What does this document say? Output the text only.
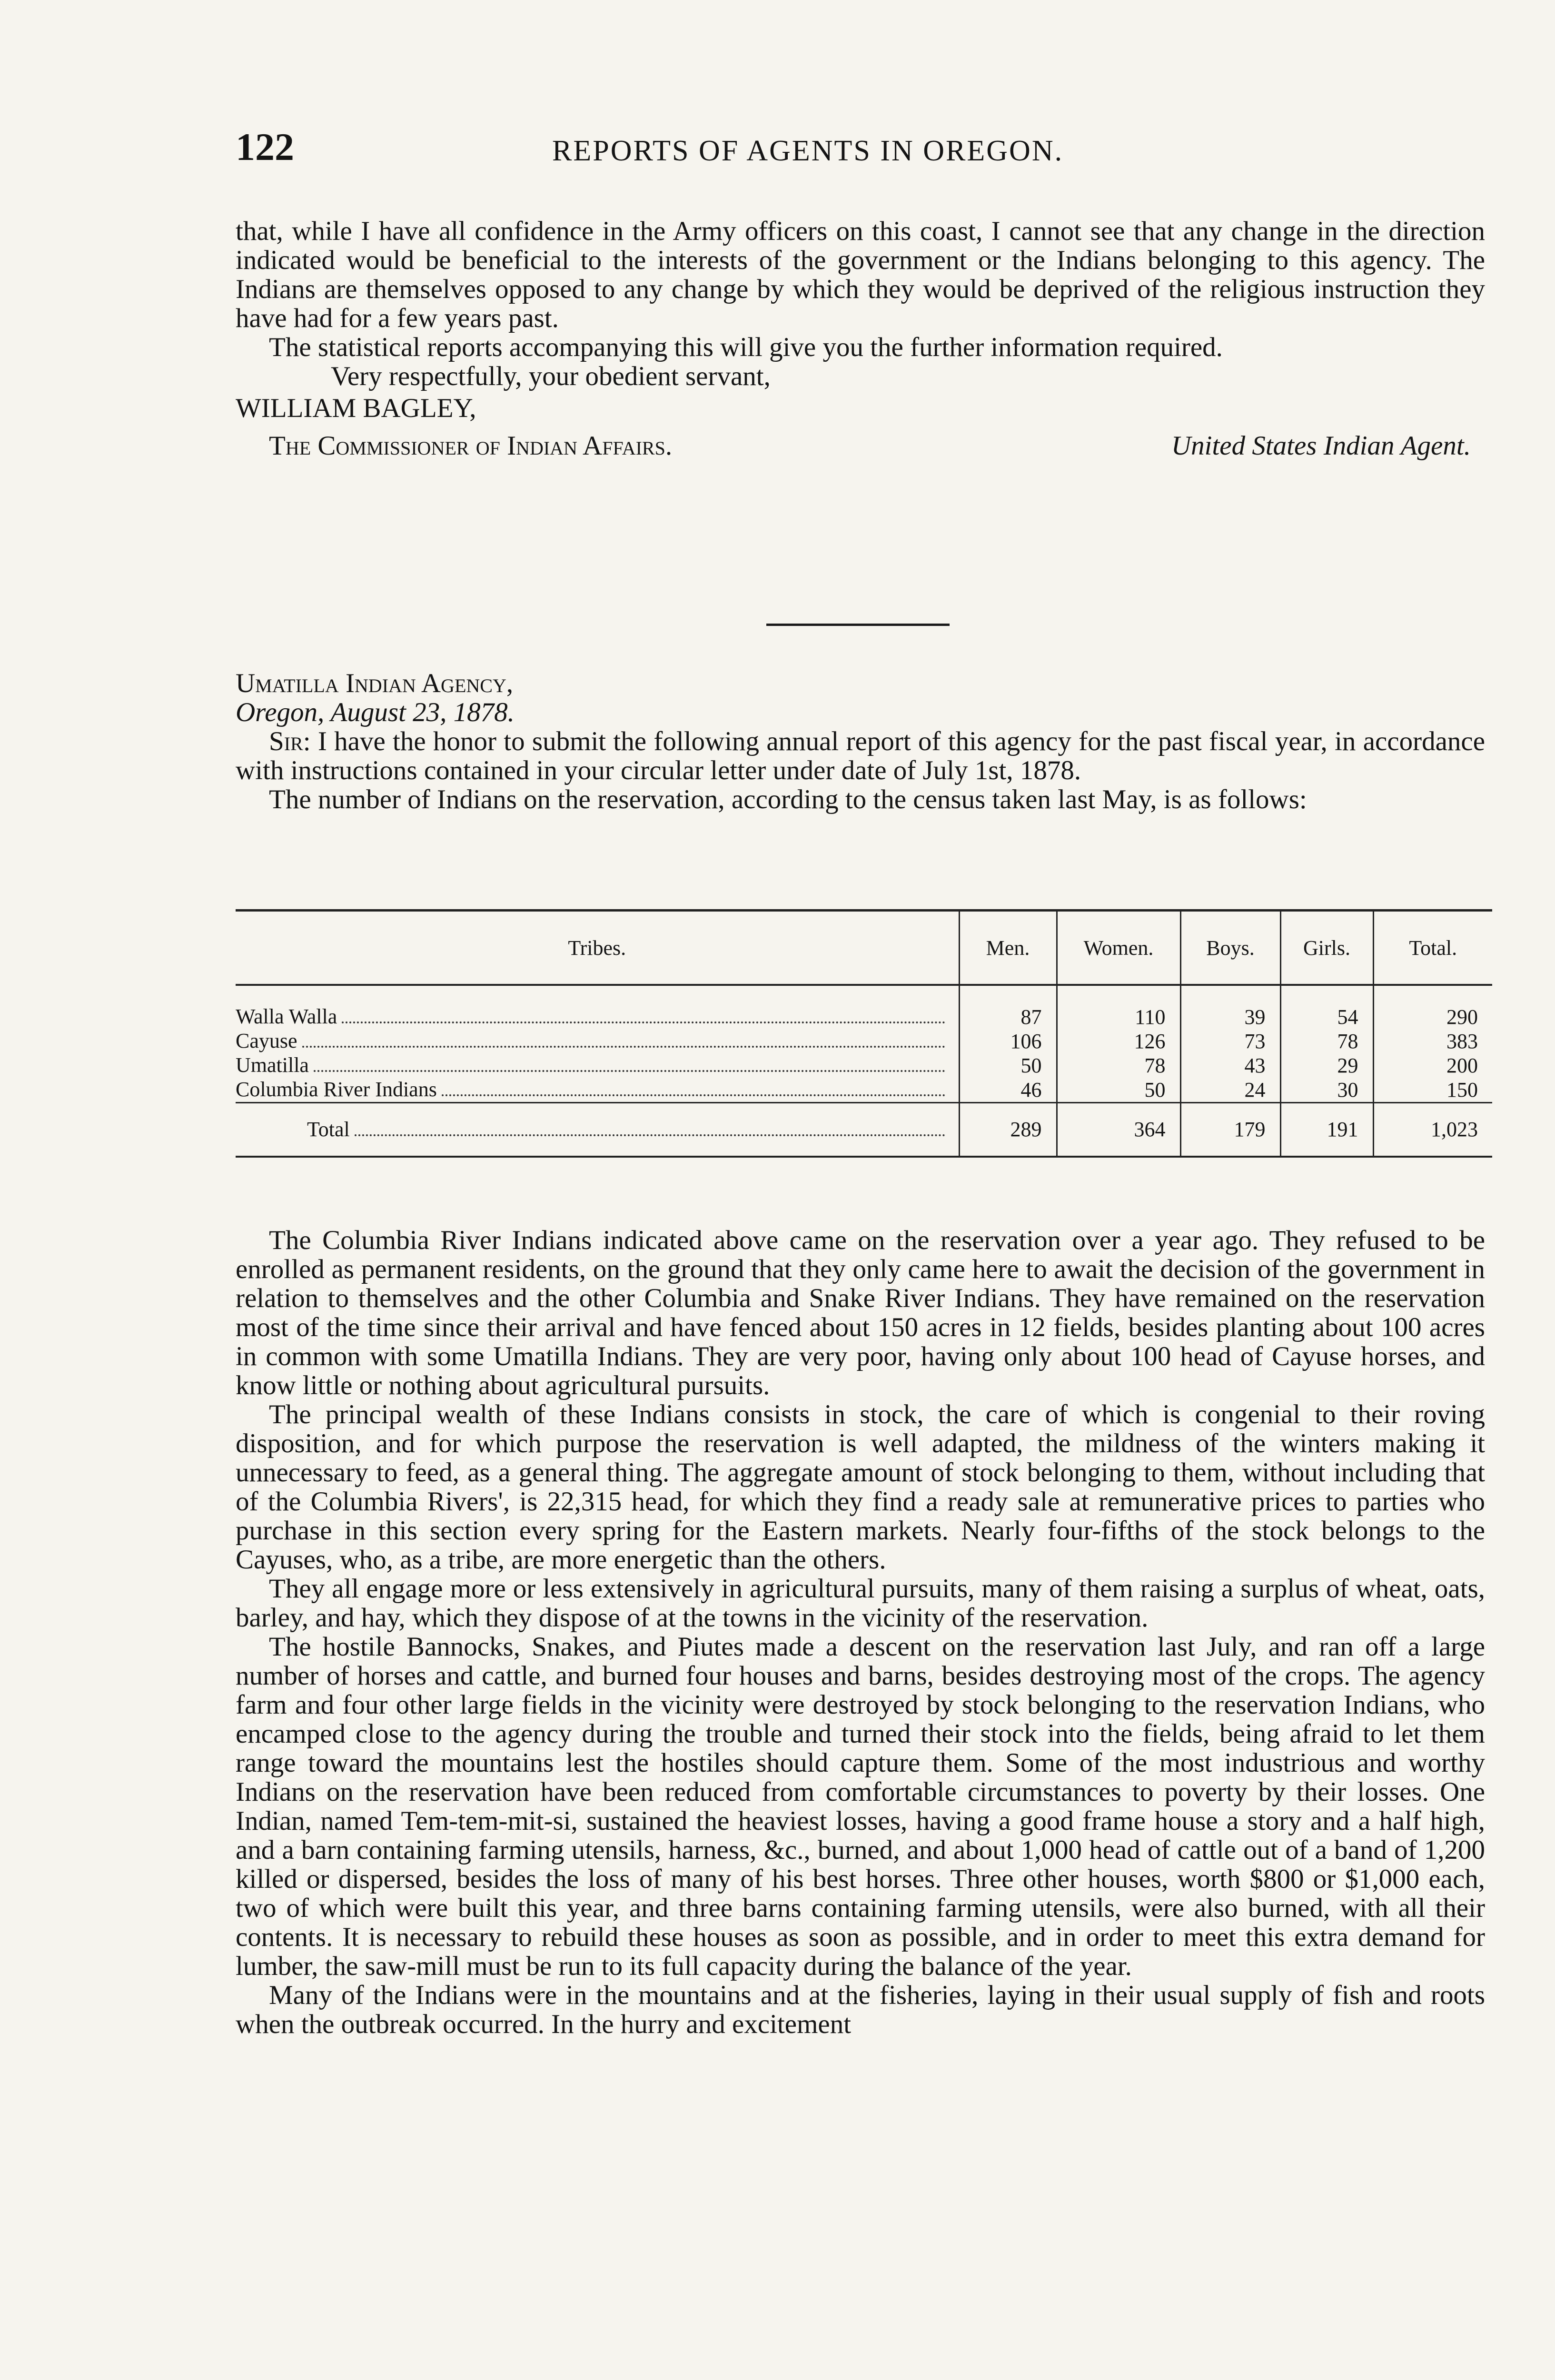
122	REPORTS OF AGENTS IN OREGON.

that, while I have all confidence in the Army officers on this coast, I cannot see that any change in the direction indicated would be beneficial to the interests of the government or the Indians belonging to this agency. The Indians are themselves opposed to any change by which they would be deprived of the religious instruction they have had for a few years past.

The statistical reports accompanying this will give you the further information required.

Very respectfully, your obedient servant,

WILLIAM BAGLEY,

The Commissioner of Indian Affairs.	United States Indian Agent.

Umatilla Indian Agency,

Oregon, August 23, 1878.

Sir: I have the honor to submit the following annual report of this agency for the past fiscal year, in accordance with instructions contained in your circular letter under date of July 1st, 1878.

The number of Indians on the reservation, according to the census taken last May, is as follows:

Tribes.	Men.	Women.	Boys.	Girls.	Total.

Walla Walla	87	110	39	54	290

Cayuse	106	126	73	78	383

Umatilla	50	78	43	29	200

Columbia River Indians	46	50	24	30	150

Total	289	364	179	191	1,023

The Columbia River Indians indicated above came on the reservation over a year ago. They refused to be enrolled as permanent residents, on the ground that they only came here to await the decision of the government in relation to themselves and the other Columbia and Snake River Indians. They have remained on the reservation most of the time since their arrival and have fenced about 150 acres in 12 fields, besides planting about 100 acres in common with some Umatilla Indians. They are very poor, having only about 100 head of Cayuse horses, and know little or nothing about agricultural pursuits.

The principal wealth of these Indians consists in stock, the care of which is congenial to their roving disposition, and for which purpose the reservation is well adapted, the mildness of the winters making it unnecessary to feed, as a general thing. The aggregate amount of stock belonging to them, without including that of the Columbia Rivers', is 22,315 head, for which they find a ready sale at remunerative prices to parties who purchase in this section every spring for the Eastern markets. Nearly four-fifths of the stock belongs to the Cayuses, who, as a tribe, are more energetic than the others.

They all engage more or less extensively in agricultural pursuits, many of them raising a surplus of wheat, oats, barley, and hay, which they dispose of at the towns in the vicinity of the reservation.

The hostile Bannocks, Snakes, and Piutes made a descent on the reservation last July, and ran off a large number of horses and cattle, and burned four houses and barns, besides destroying most of the crops. The agency farm and four other large fields in the vicinity were destroyed by stock belonging to the reservation Indians, who encamped close to the agency during the trouble and turned their stock into the fields, being afraid to let them range toward the mountains lest the hostiles should capture them. Some of the most industrious and worthy Indians on the reservation have been reduced from comfortable circumstances to poverty by their losses. One Indian, named Tem-tem-mit-si, sustained the heaviest losses, having a good frame house a story and a half high, and a barn containing farming utensils, harness, &c., burned, and about 1,000 head of cattle out of a band of 1,200 killed or dispersed, besides the loss of many of his best horses. Three other houses, worth $800 or $1,000 each, two of which were built this year, and three barns containing farming utensils, were also burned, with all their contents. It is necessary to rebuild these houses as soon as possible, and in order to meet this extra demand for lumber, the saw-mill must be run to its full capacity during the balance of the year.

Many of the Indians were in the mountains and at the fisheries, laying in their usual supply of fish and roots when the outbreak occurred. In the hurry and excitement
